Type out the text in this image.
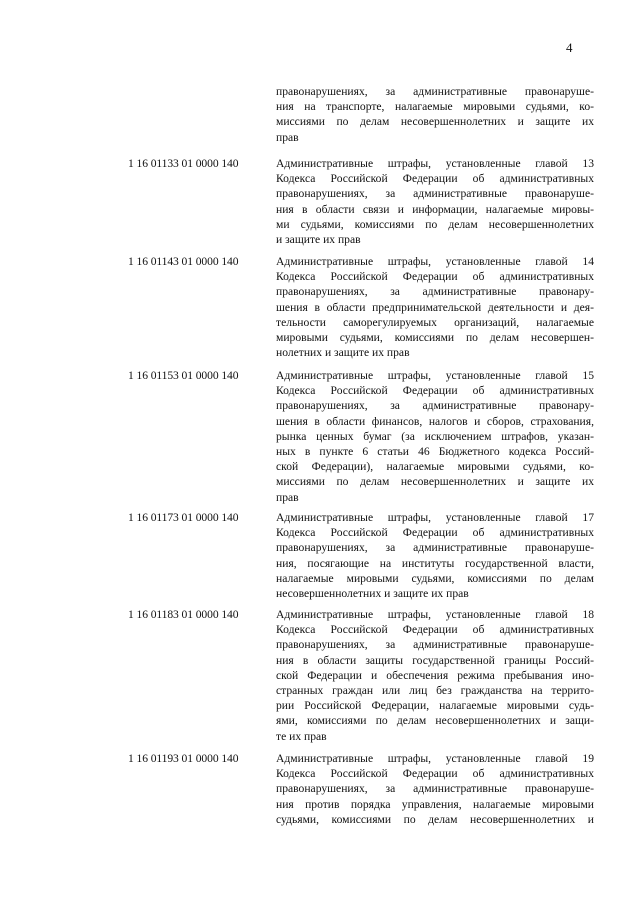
4
правонарушениях, за административные правонаруше-
ния на транспорте, налагаемые мировыми судьями, ко-
миссиями по делам несовершеннолетних и защите их
прав
1 16 01133 01 0000 140	Административные штрафы, установленные главой 13
Кодекса Российской Федерации об административных
правонарушениях, за административные правонаруше-
ния в области связи и информации, налагаемые мировы-
ми судьями, комиссиями по делам несовершеннолетних
и защите их прав
1 16 01143 01 0000 140	Административные штрафы, установленные главой 14
Кодекса Российской Федерации об административных
правонарушениях, за административные правонару-
шения в области предпринимательской деятельности и дея-
тельности саморегулируемых организаций, налагаемые
мировыми судьями, комиссиями по делам несовершен-
нолетних и защите их прав
1 16 01153 01 0000 140	Административные штрафы, установленные главой 15
Кодекса Российской Федерации об административных
правонарушениях, за административные правонару-
шения в области финансов, налогов и сборов, страхования,
рынка ценных бумаг (за исключением штрафов, указан-
ных в пункте 6 статьи 46 Бюджетного кодекса Россий-
ской Федерации), налагаемые мировыми судьями, ко-
миссиями по делам несовершеннолетних и защите их
прав
1 16 01173 01 0000 140	Административные штрафы, установленные главой 17
Кодекса Российской Федерации об административных
правонарушениях, за административные правонаруше-
ния, посягающие на институты государственной власти,
налагаемые мировыми судьями, комиссиями по делам
несовершеннолетних и защите их прав
1 16 01183 01 0000 140	Административные штрафы, установленные главой 18
Кодекса Российской Федерации об административных
правонарушениях, за административные правонаруше-
ния в области защиты государственной границы Россий-
ской Федерации и обеспечения режима пребывания ино-
странных граждан или лиц без гражданства на террито-
рии Российской Федерации, налагаемые мировыми судь-
ями, комиссиями по делам несовершеннолетних и защи-
те их прав
1 16 01193 01 0000 140	Административные штрафы, установленные главой 19
Кодекса Российской Федерации об административных
правонарушениях, за административные правонаруше-
ния против порядка управления, налагаемые мировыми
судьями, комиссиями по делам несовершеннолетних и
